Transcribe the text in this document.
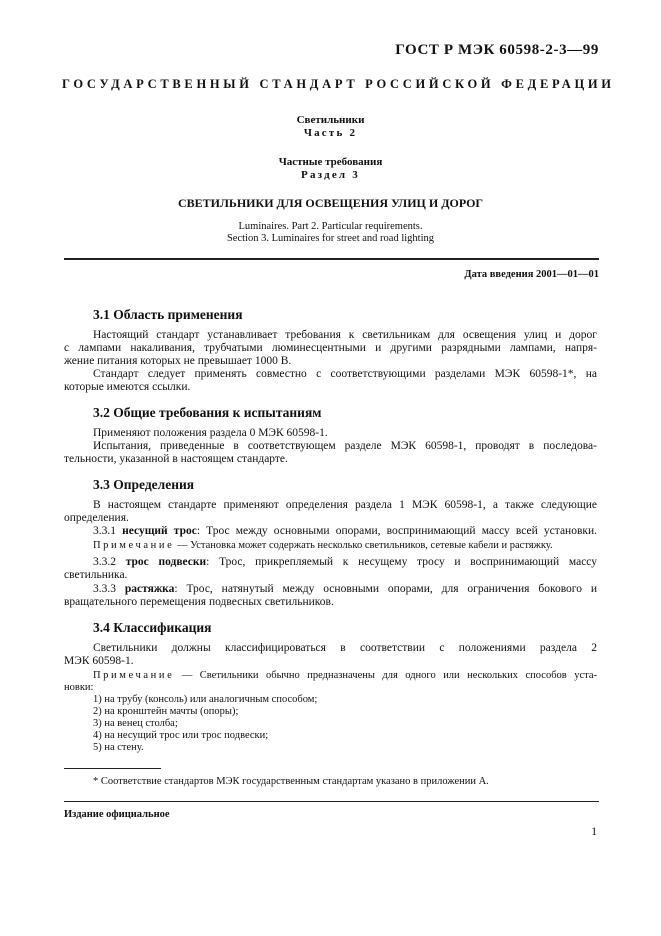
ГОСТ Р МЭК 60598-2-3—99
ГОСУДАРСТВЕННЫЙ СТАНДАРТ РОССИЙСКОЙ ФЕДЕРАЦИИ
Светильники
Часть 2
Частные требования
Раздел 3
СВЕТИЛЬНИКИ ДЛЯ ОСВЕЩЕНИЯ УЛИЦ И ДОРОГ
Luminaires. Part 2. Particular requirements.
Section 3. Luminaires for street and road lighting
Дата введения 2001—01—01
3.1 Область применения
Настоящий стандарт устанавливает требования к светильникам для освещения улиц и дорог
с лампами накаливания, трубчатыми люминесцентными и другими разрядными лампами, напря-
жение питания которых не превышает 1000 В.
Стандарт следует применять совместно с соответствующими разделами МЭК 60598-1*, на
которые имеются ссылки.
3.2 Общие требования к испытаниям
Применяют положения раздела 0 МЭК 60598-1.
Испытания, приведенные в соответствующем разделе МЭК 60598-1, проводят в последова-
тельности, указанной в настоящем стандарте.
3.3 Определения
В настоящем стандарте применяют определения раздела 1 МЭК 60598-1, а также следующие
определения.
3.3.1 несущий трос: Трос между основными опорами, воспринимающий массу всей установки.
Примечание — Установка может содержать несколько светильников, сетевые кабели и растяжку.
3.3.2 трос подвески: Трос, прикрепляемый к несущему тросу и воспринимающий массу
светильника.
3.3.3 растяжка: Трос, натянутый между основными опорами, для ограничения бокового и
вращательного перемещения подвесных светильников.
3.4 Классификация
Светильники должны классифицироваться в соответствии с положениями раздела 2
МЭК 60598-1.
Примечание — Светильники обычно предназначены для одного или нескольких способов уста-
новки:
1) на трубу (консоль) или аналогичным способом;
2) на кронштейн мачты (опоры);
3) на венец столба;
4) на несущий трос или трос подвески;
5) на стену.
* Соответствие стандартов МЭК государственным стандартам указано в приложении А.
Издание официальное
1
